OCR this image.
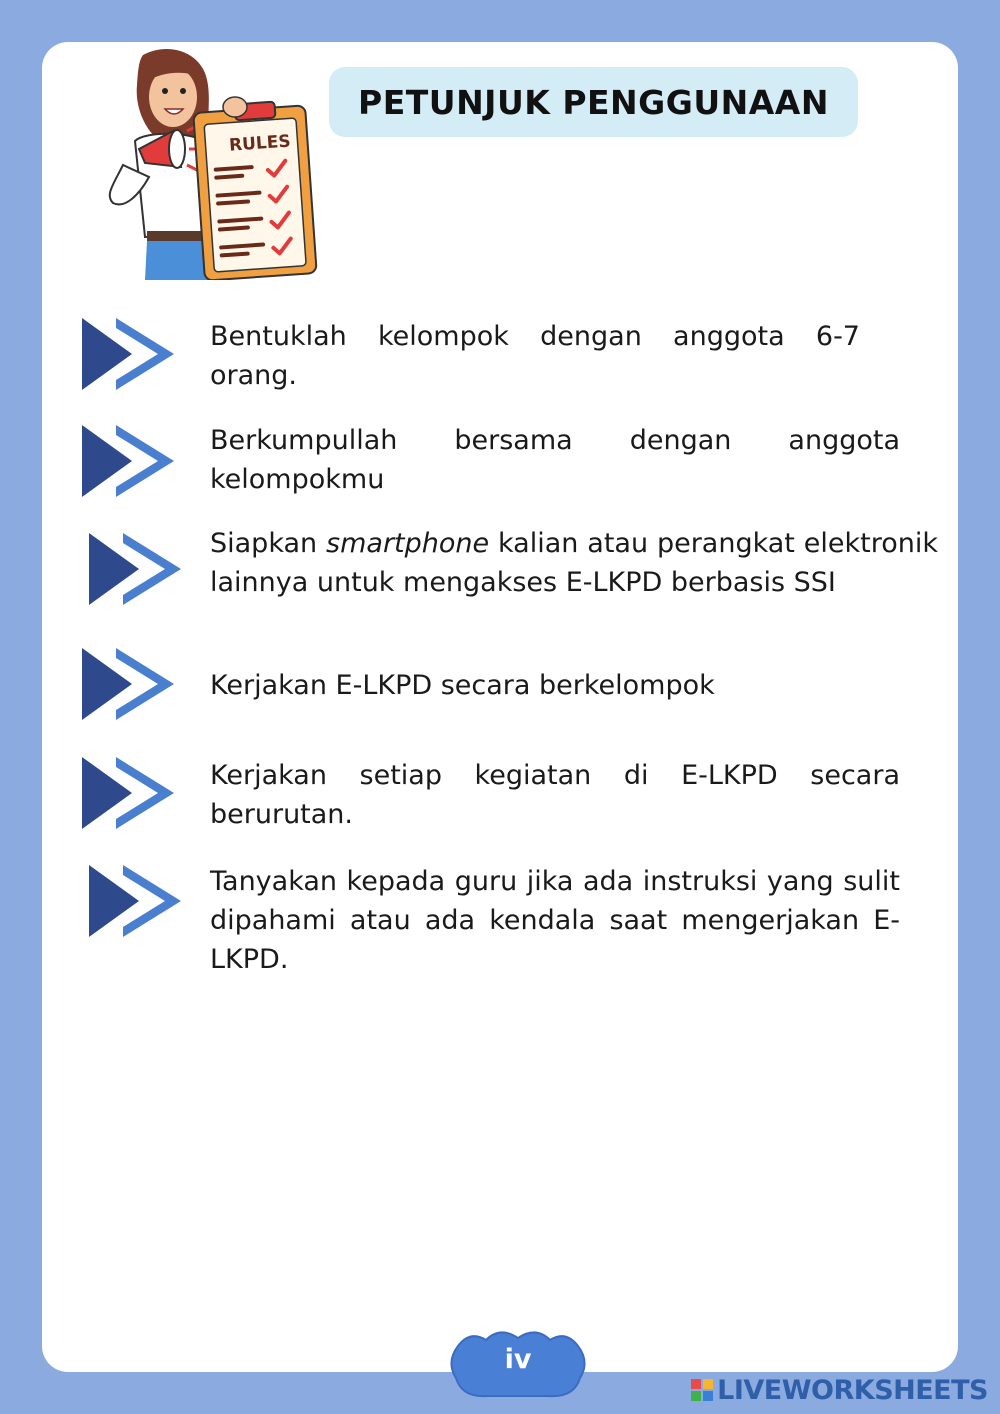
RULES
PETUNJUK PENGGUNAAN
Bentuklah kelompok dengan anggota 6-7 orang.
Berkumpullah bersama dengan anggota kelompokmu
Siapkan smartphone kalian atau perangkat elektronik lainnya untuk mengakses E-LKPD berbasis SSI
Kerjakan E-LKPD secara berkelompok
Kerjakan setiap kegiatan di E-LKPD secara berurutan.
Tanyakan kepada guru jika ada instruksi yang sulit dipahami atau ada kendala saat mengerjakan E-LKPD.
iv
LIVEWORKSHEETS
